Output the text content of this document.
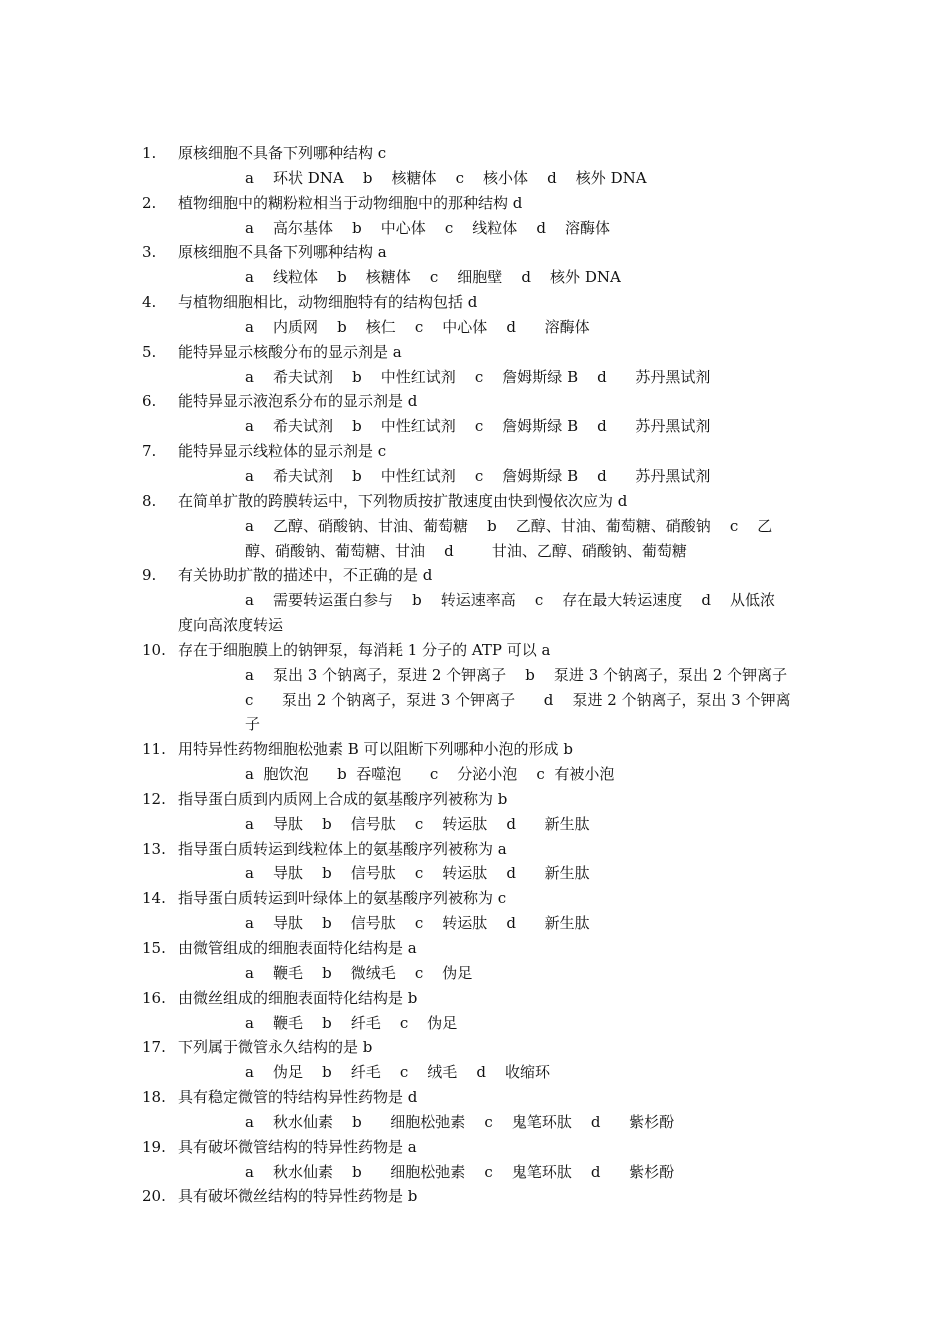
1.	原核细胞不具备下列哪种结构 c
a    环状 DNA    b    核糖体    c    核小体    d    核外 DNA
2.	植物细胞中的糊粉粒相当于动物细胞中的那种结构 d
a    高尔基体    b    中心体    c    线粒体    d    溶酶体
3.	原核细胞不具备下列哪种结构 a
a    线粒体    b    核糖体    c    细胞壁    d    核外 DNA
4.	与植物细胞相比，动物细胞特有的结构包括 d
a    内质网    b    核仁    c    中心体    d      溶酶体
5.	能特异显示核酸分布的显示剂是 a
a    希夫试剂    b    中性红试剂    c    詹姆斯绿 B    d      苏丹黑试剂
6.	能特异显示液泡系分布的显示剂是 d
a    希夫试剂    b    中性红试剂    c    詹姆斯绿 B    d      苏丹黑试剂
7.	能特异显示线粒体的显示剂是 c
a    希夫试剂    b    中性红试剂    c    詹姆斯绿 B    d      苏丹黑试剂
8.	在简单扩散的跨膜转运中，下列物质按扩散速度由快到慢依次应为 d
a    乙醇、硝酸钠、甘油、葡萄糖    b    乙醇、甘油、葡萄糖、硝酸钠    c    乙
醇、硝酸钠、葡萄糖、甘油    d        甘油、乙醇、硝酸钠、葡萄糖
9.	有关协助扩散的描述中，不正确的是 d
a    需要转运蛋白参与    b    转运速率高    c    存在最大转运速度    d    从低浓
度向高浓度转运
10. 存在于细胞膜上的钠钾泵，每消耗 1 分子的 ATP 可以 a
a    泵出 3 个钠离子，泵进 2 个钾离子    b    泵进 3 个钠离子，泵出 2 个钾离子
c      泵出 2 个钠离子，泵进 3 个钾离子      d    泵进 2 个钠离子，泵出 3 个钾离
子
11. 用特异性药物细胞松弛素 B 可以阻断下列哪种小泡的形成 b
a  胞饮泡      b  吞噬泡      c    分泌小泡    c  有被小泡
12. 指导蛋白质到内质网上合成的氨基酸序列被称为 b
a    导肽    b    信号肽    c    转运肽    d      新生肽
13. 指导蛋白质转运到线粒体上的氨基酸序列被称为 a
a    导肽    b    信号肽    c    转运肽    d      新生肽
14. 指导蛋白质转运到叶绿体上的氨基酸序列被称为 c
a    导肽    b    信号肽    c    转运肽    d      新生肽
15. 由微管组成的细胞表面特化结构是 a
a    鞭毛    b    微绒毛    c    伪足
16. 由微丝组成的细胞表面特化结构是 b
a    鞭毛    b    纤毛    c    伪足
17. 下列属于微管永久结构的是 b
a    伪足    b    纤毛    c    绒毛    d    收缩环
18. 具有稳定微管的特结构异性药物是 d
a    秋水仙素    b      细胞松弛素    c    鬼笔环肽    d      紫杉酚
19. 具有破坏微管结构的特异性药物是 a
a    秋水仙素    b      细胞松弛素    c    鬼笔环肽    d      紫杉酚
20. 具有破坏微丝结构的特异性药物是 b
